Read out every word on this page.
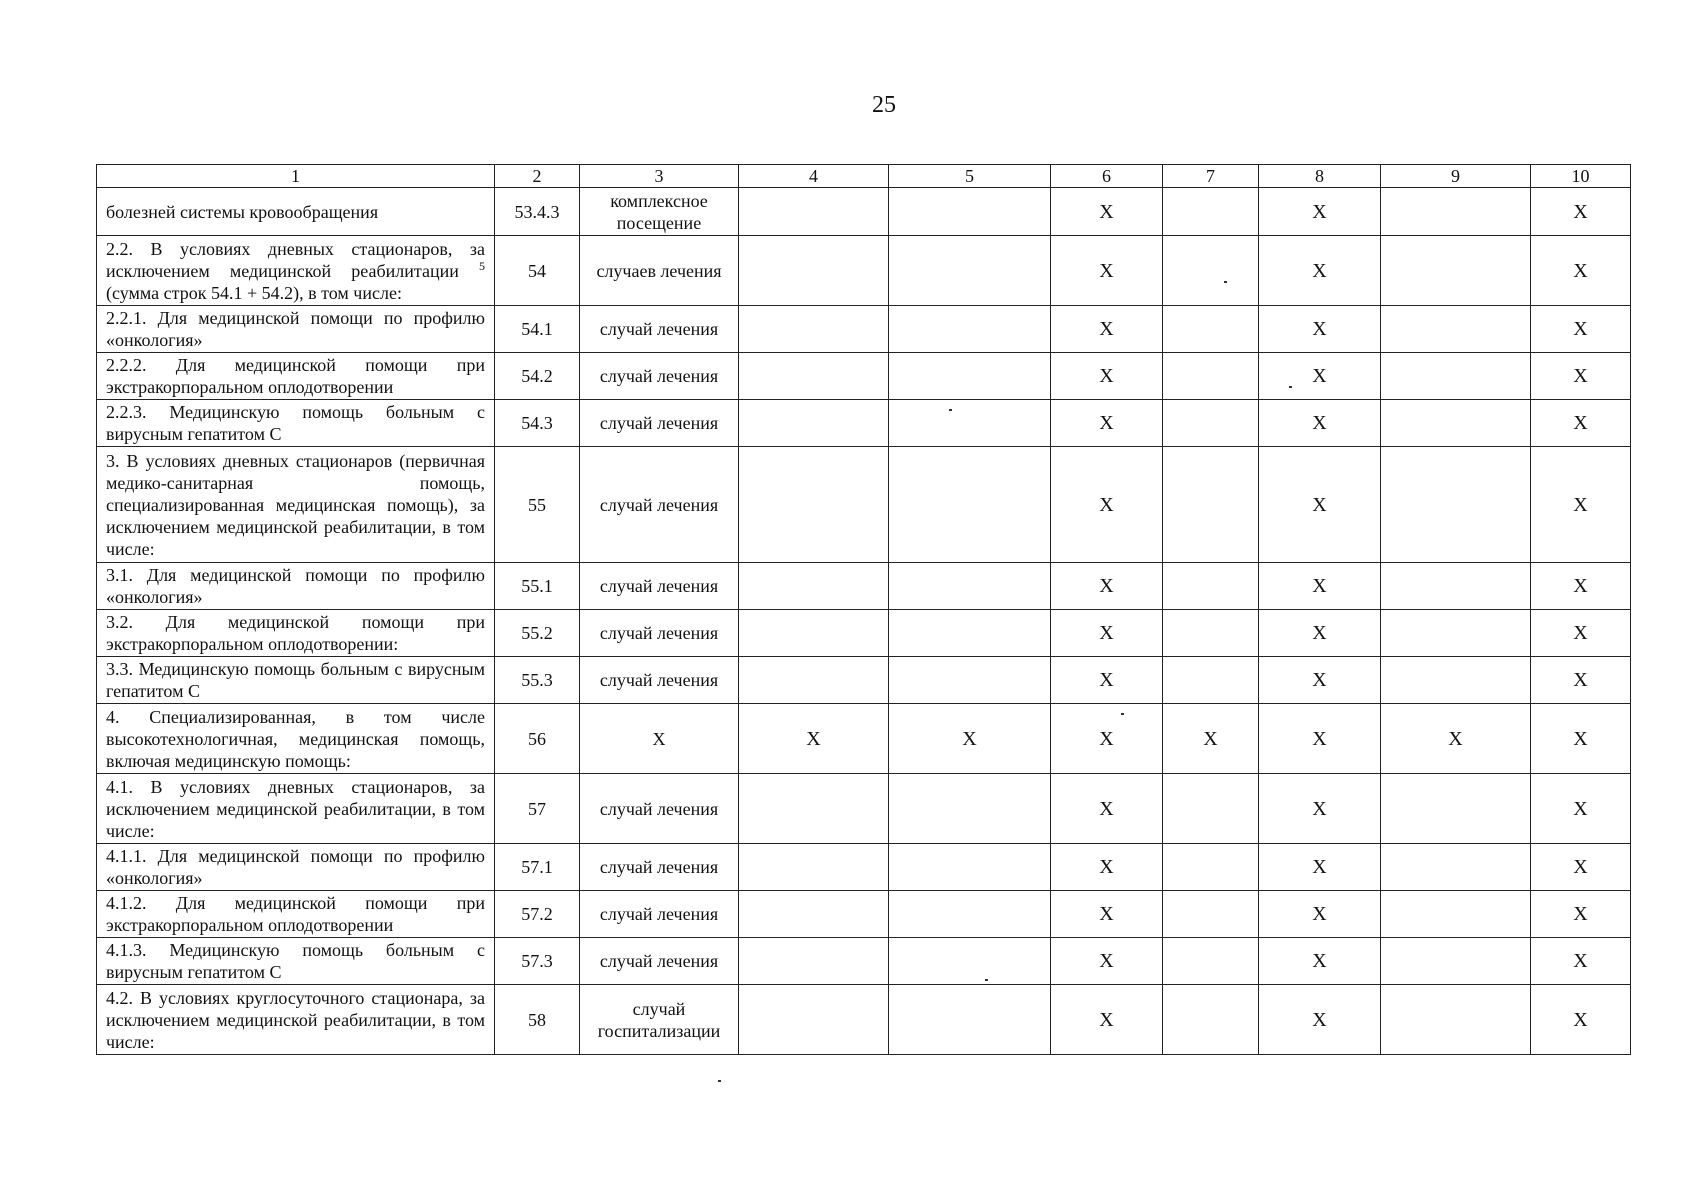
25
1	2	3	4	5	6	7	8	9	10
болезней системы кровообращения	53.4.3	комплексное посещение			X		X		X
2.2. В условиях дневных стационаров, за исключением медицинской реабилитации $^5$ (сумма строк 54.1 + 54.2), в том числе:	54	случаев лечения			X		X		X
2.2.1. Для медицинской помощи по профилю «онкология»	54.1	случай лечения			X		X		X
2.2.2. Для медицинской помощи при экстракорпоральном оплодотворении	54.2	случай лечения			X		X		X
2.2.3. Медицинскую помощь больным с вирусным гепатитом С	54.3	случай лечения			X		X		X
3. В условиях дневных стационаров (первичная медико-санитарная помощь, специализированная медицинская помощь), за исключением медицинской реабилитации, в том числе:	55	случай лечения			X		X		X
3.1. Для медицинской помощи по профилю «онкология»	55.1	случай лечения			X		X		X
3.2. Для медицинской помощи при экстракорпоральном оплодотворении:	55.2	случай лечения			X		X		X
3.3. Медицинскую помощь больным с вирусным гепатитом С	55.3	случай лечения			X		X		X
4. Специализированная, в том числе высокотехнологичная, медицинская помощь, включая медицинскую помощь:	56	X	X	X	X	X	X	X	X
4.1. В условиях дневных стационаров, за исключением медицинской реабилитации, в том числе:	57	случай лечения			X		X		X
4.1.1. Для медицинской помощи по профилю «онкология»	57.1	случай лечения			X		X		X
4.1.2. Для медицинской помощи при экстракорпоральном оплодотворении	57.2	случай лечения			X		X		X
4.1.3. Медицинскую помощь больным с вирусным гепатитом С	57.3	случай лечения			X		X		X
4.2. В условиях круглосуточного стационара, за исключением медицинской реабилитации, в том числе:	58	случай госпитализации			X		X		X
